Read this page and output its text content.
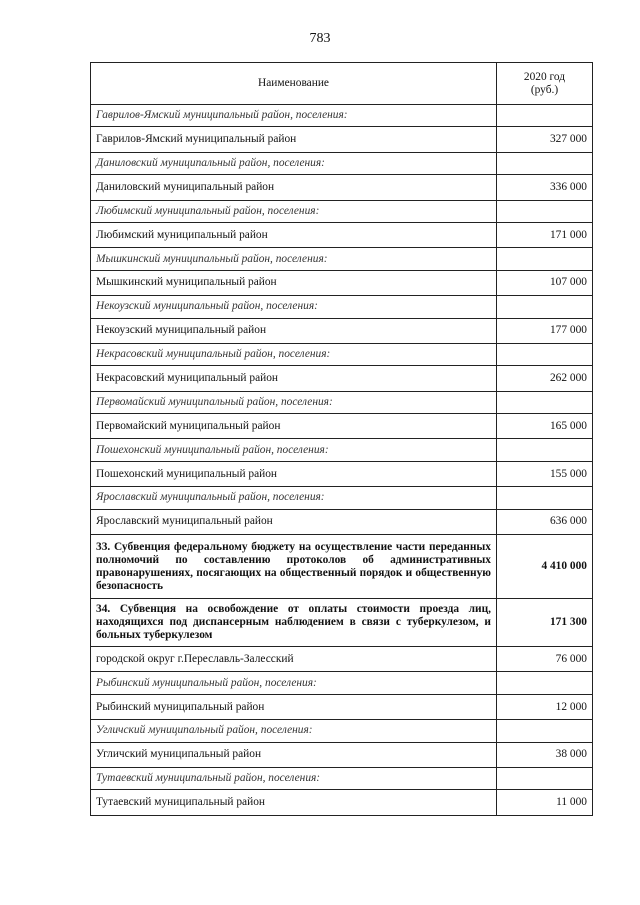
783
Наименование	2020 год
(руб.)
Гаврилов-Ямский муниципальный район, поселения:	
Гаврилов-Ямский муниципальный район	327 000
Даниловский муниципальный район, поселения:	
Даниловский муниципальный район	336 000
Любимский муниципальный район, поселения:	
Любимский муниципальный район	171 000
Мышкинский муниципальный район, поселения:	
Мышкинский муниципальный район	107 000
Некоузский муниципальный район, поселения:	
Некоузский муниципальный район	177 000
Некрасовский муниципальный район, поселения:	
Некрасовский муниципальный район	262 000
Первомайский муниципальный район, поселения:	
Первомайский муниципальный район	165 000
Пошехонский муниципальный район, поселения:	
Пошехонский муниципальный район	155 000
Ярославский муниципальный район, поселения:	
Ярославский муниципальный район	636 000
33. Субвенция федеральному бюджету на осуществление части переданных полномочий по составлению протоколов об административных правонарушениях, посягающих на общественный порядок и общественную безопасность	4 410 000
34. Субвенция на освобождение от оплаты стоимости проезда лиц, находящихся под диспансерным наблюдением в связи с туберкулезом, и больных туберкулезом	171 300
городской округ г.Переславль-Залесский	76 000
Рыбинский муниципальный район, поселения:	
Рыбинский муниципальный район	12 000
Угличский муниципальный район, поселения:	
Угличский муниципальный район	38 000
Тутаевский муниципальный район, поселения:	
Тутаевский муниципальный район	11 000
